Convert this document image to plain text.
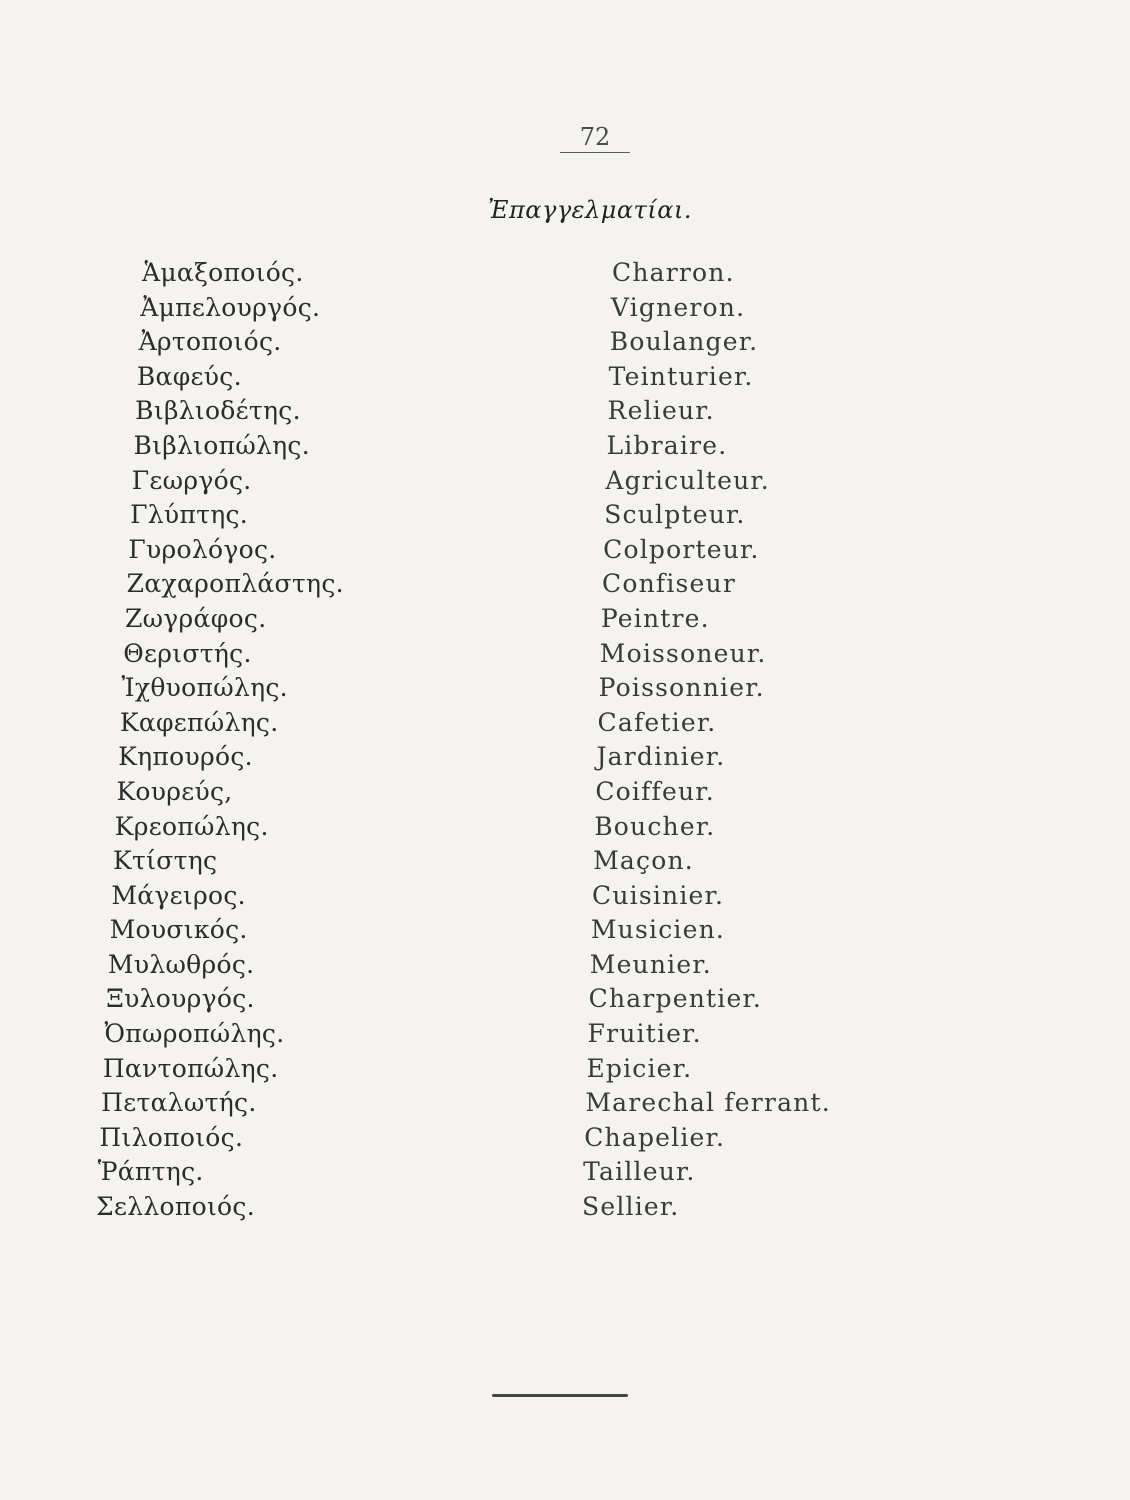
72
Ἐπαγγελματίαι.
Ἁμαξοποιός.	Charron.
Ἀμπελουργός.	Vigneron.
Ἀρτοποιός.	Boulanger.
Βαφεύς.	Teinturier.
Βιβλιοδέτης.	Relieur.
Βιβλιοπώλης.	Libraire.
Γεωργός.	Agriculteur.
Γλύπτης.	Sculpteur.
Γυρολόγος.	Colporteur.
Ζαχαροπλάστης.	Confiseur
Ζωγράφος.	Peintre.
Θεριστής.	Moissoneur.
Ἰχθυοπώλης.	Poissonnier.
Καφεπώλης.	Cafetier.
Κηπουρός.	Jardinier.
Κουρεύς,	Coiffeur.
Κρεοπώλης.	Boucher.
Κτίστης	Maçon.
Μάγειρος.	Cuisinier.
Μουσικός.	Musicien.
Μυλωθρός.	Meunier.
Ξυλουργός.	Charpentier.
Ὀπωροπώλης.	Fruitier.
Παντοπώλης.	Epicier.
Πεταλωτής.	Marechal ferrant.
Πιλοποιός.	Chapelier.
Ῥάπτης.	Tailleur.
Σελλοποιός.	Sellier.
